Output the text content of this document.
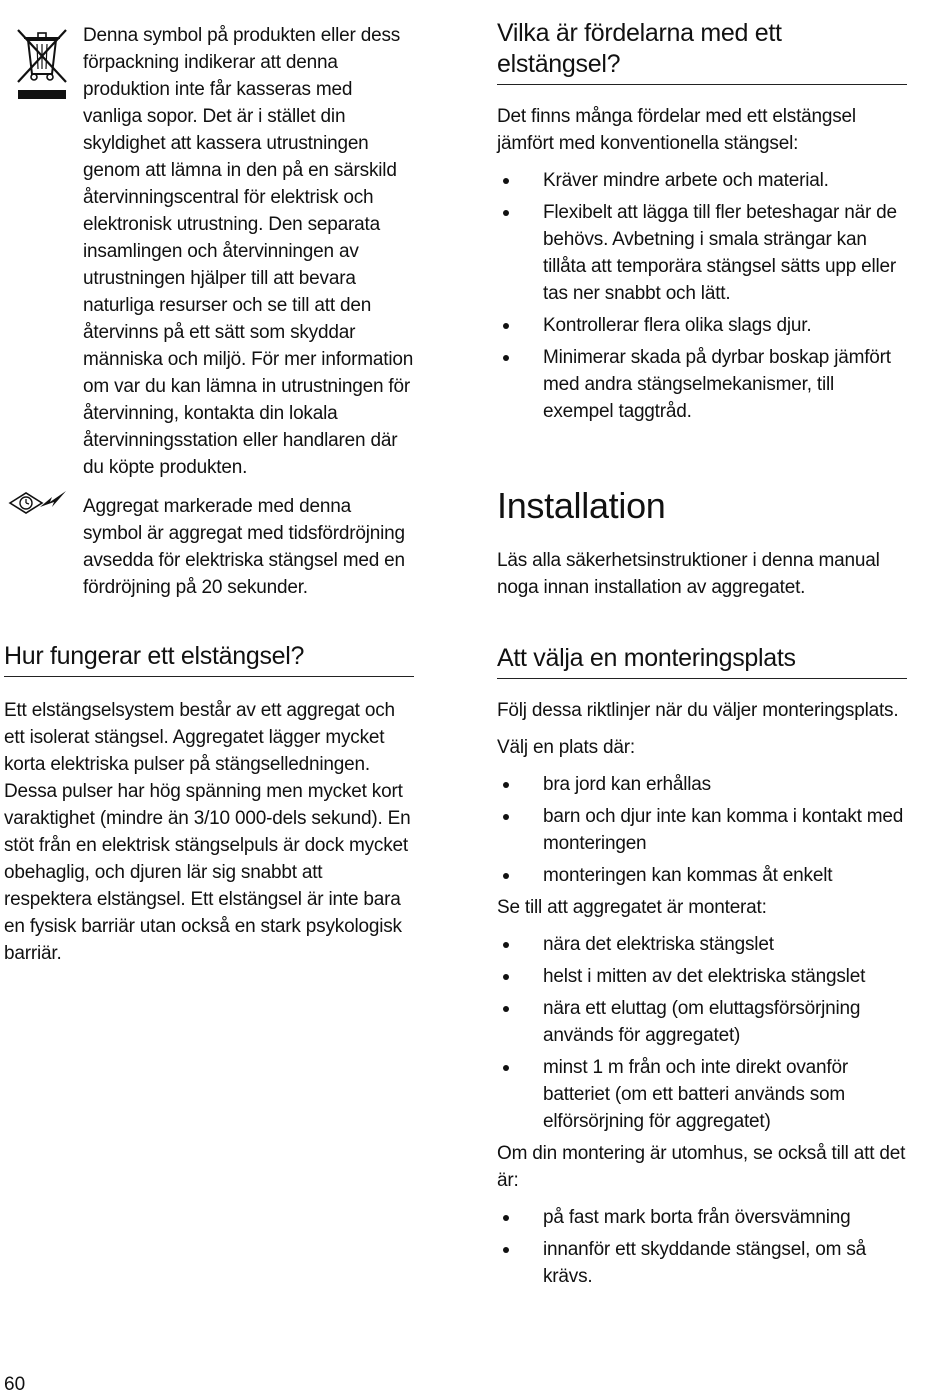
Denna symbol på produkten eller dess förpackning indikerar att denna produktion inte får kasseras med vanliga sopor. Det är i stället din skyldighet att kassera utrustningen genom att lämna in den på en särskild återvinningscentral för elektrisk och elektronisk utrustning. Den separata insamlingen och återvinningen av utrustningen hjälper till att bevara naturliga resurser och se till att den återvinns på ett sätt som skyddar människa och miljö. För mer information om var du kan lämna in utrustningen för återvinning, kontakta din lokala återvinningsstation eller handlaren där du köpte produkten.

Aggregat markerade med denna symbol är aggregat med tidsfördröjning avsedda för elektriska stängsel med en fördröjning på 20 sekunder.

Hur fungerar ett elstängsel?

Ett elstängselsystem består av ett aggregat och ett isolerat stängsel. Aggregatet lägger mycket korta elektriska pulser på stängselledningen. Dessa pulser har hög spänning men mycket kort varaktighet (mindre än 3/10 000-dels sekund). En stöt från en elektrisk stängselpuls är dock mycket obehaglig, och djuren lär sig snabbt att respektera elstängsel. Ett elstängsel är inte bara en fysisk barriär utan också en stark psykologisk barriär.

Vilka är fördelarna med ett elstängsel?

Det finns många fördelar med ett elstängsel jämfört med konventionella stängsel:

Kräver mindre arbete och material.
Flexibelt att lägga till fler beteshagar när de behövs. Avbetning i smala strängar kan tillåta att temporära stängsel sätts upp eller tas ner snabbt och lätt.
Kontrollerar flera olika slags djur.
Minimerar skada på dyrbar boskap jämfört med andra stängselmekanismer, till exempel taggtråd.
Installation

Läs alla säkerhetsinstruktioner i denna manual noga innan installation av aggregatet.

Att välja en monteringsplats

Följ dessa riktlinjer när du väljer monteringsplats.

Välj en plats där:

bra jord kan erhållas
barn och djur inte kan komma i kontakt med monteringen
monteringen kan kommas åt enkelt

Se till att aggregatet är monterat:

nära det elektriska stängslet
helst i mitten av det elektriska stängslet
nära ett eluttag (om eluttagsförsörjning används för aggregatet)
minst 1 m från och inte direkt ovanför batteriet (om ett batteri används som elförsörjning för aggregatet)

Om din montering är utomhus, se också till att det är:

på fast mark borta från översvämning
innanför ett skyddande stängsel, om så krävs.
60
